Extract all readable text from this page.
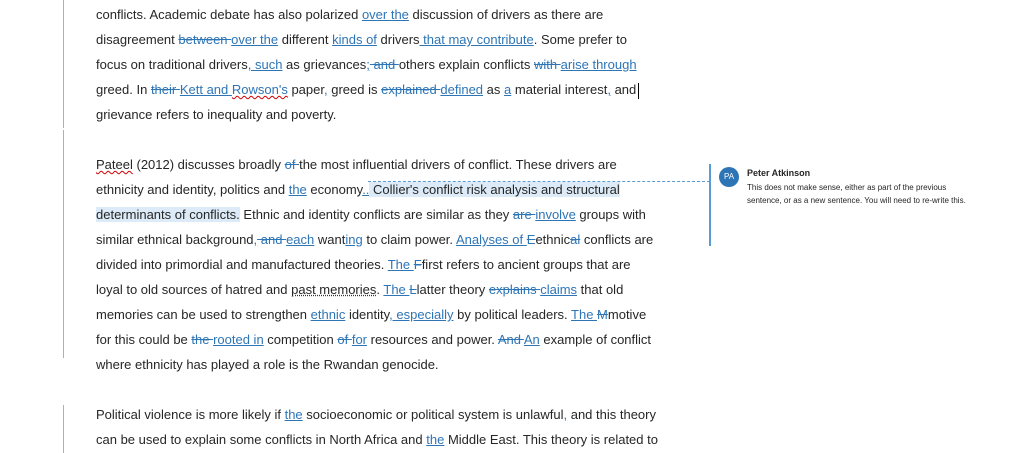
conflicts. Academic debate has also polarized over the discussion of drivers as there are
disagreement between over the different kinds of drivers that may contribute. Some prefer to
focus on traditional drivers, such as grievances; and others explain conflicts with arise through
greed. In their Kett and Rowson's paper, greed is explained defined as a material interest, and
grievance refers to inequality and poverty.
Pateel (2012) discusses broadly of the most influential drivers of conflict. These drivers are
ethnicity and identity, politics and the economy.. Collier's conflict risk analysis and structural
determinants of conflicts. Ethnic and identity conflicts are similar as they are involve groups with
similar ethnical background, and each wanting to claim power. Analyses of Eethnical conflicts are
divided into primordial and manufactured theories. The Ffirst refers to ancient groups that are
loyal to old sources of hatred and past memories. The Llatter theory explains claims that old
memories can be used to strengthen ethnic identity, especially by political leaders. The Mmotive
for this could be the rooted in competition of for resources and power. And An example of conflict
where ethnicity has played a role is the Rwandan genocide.
Political violence is more likely if the socioeconomic or political system is unlawful, and this theory
can be used to explain some conflicts in North Africa and the Middle East. This theory is related to
PA	Peter Atkinson
This does not make sense, either as part of the previous sentence, or as a new sentence. You will need to re-write this.
